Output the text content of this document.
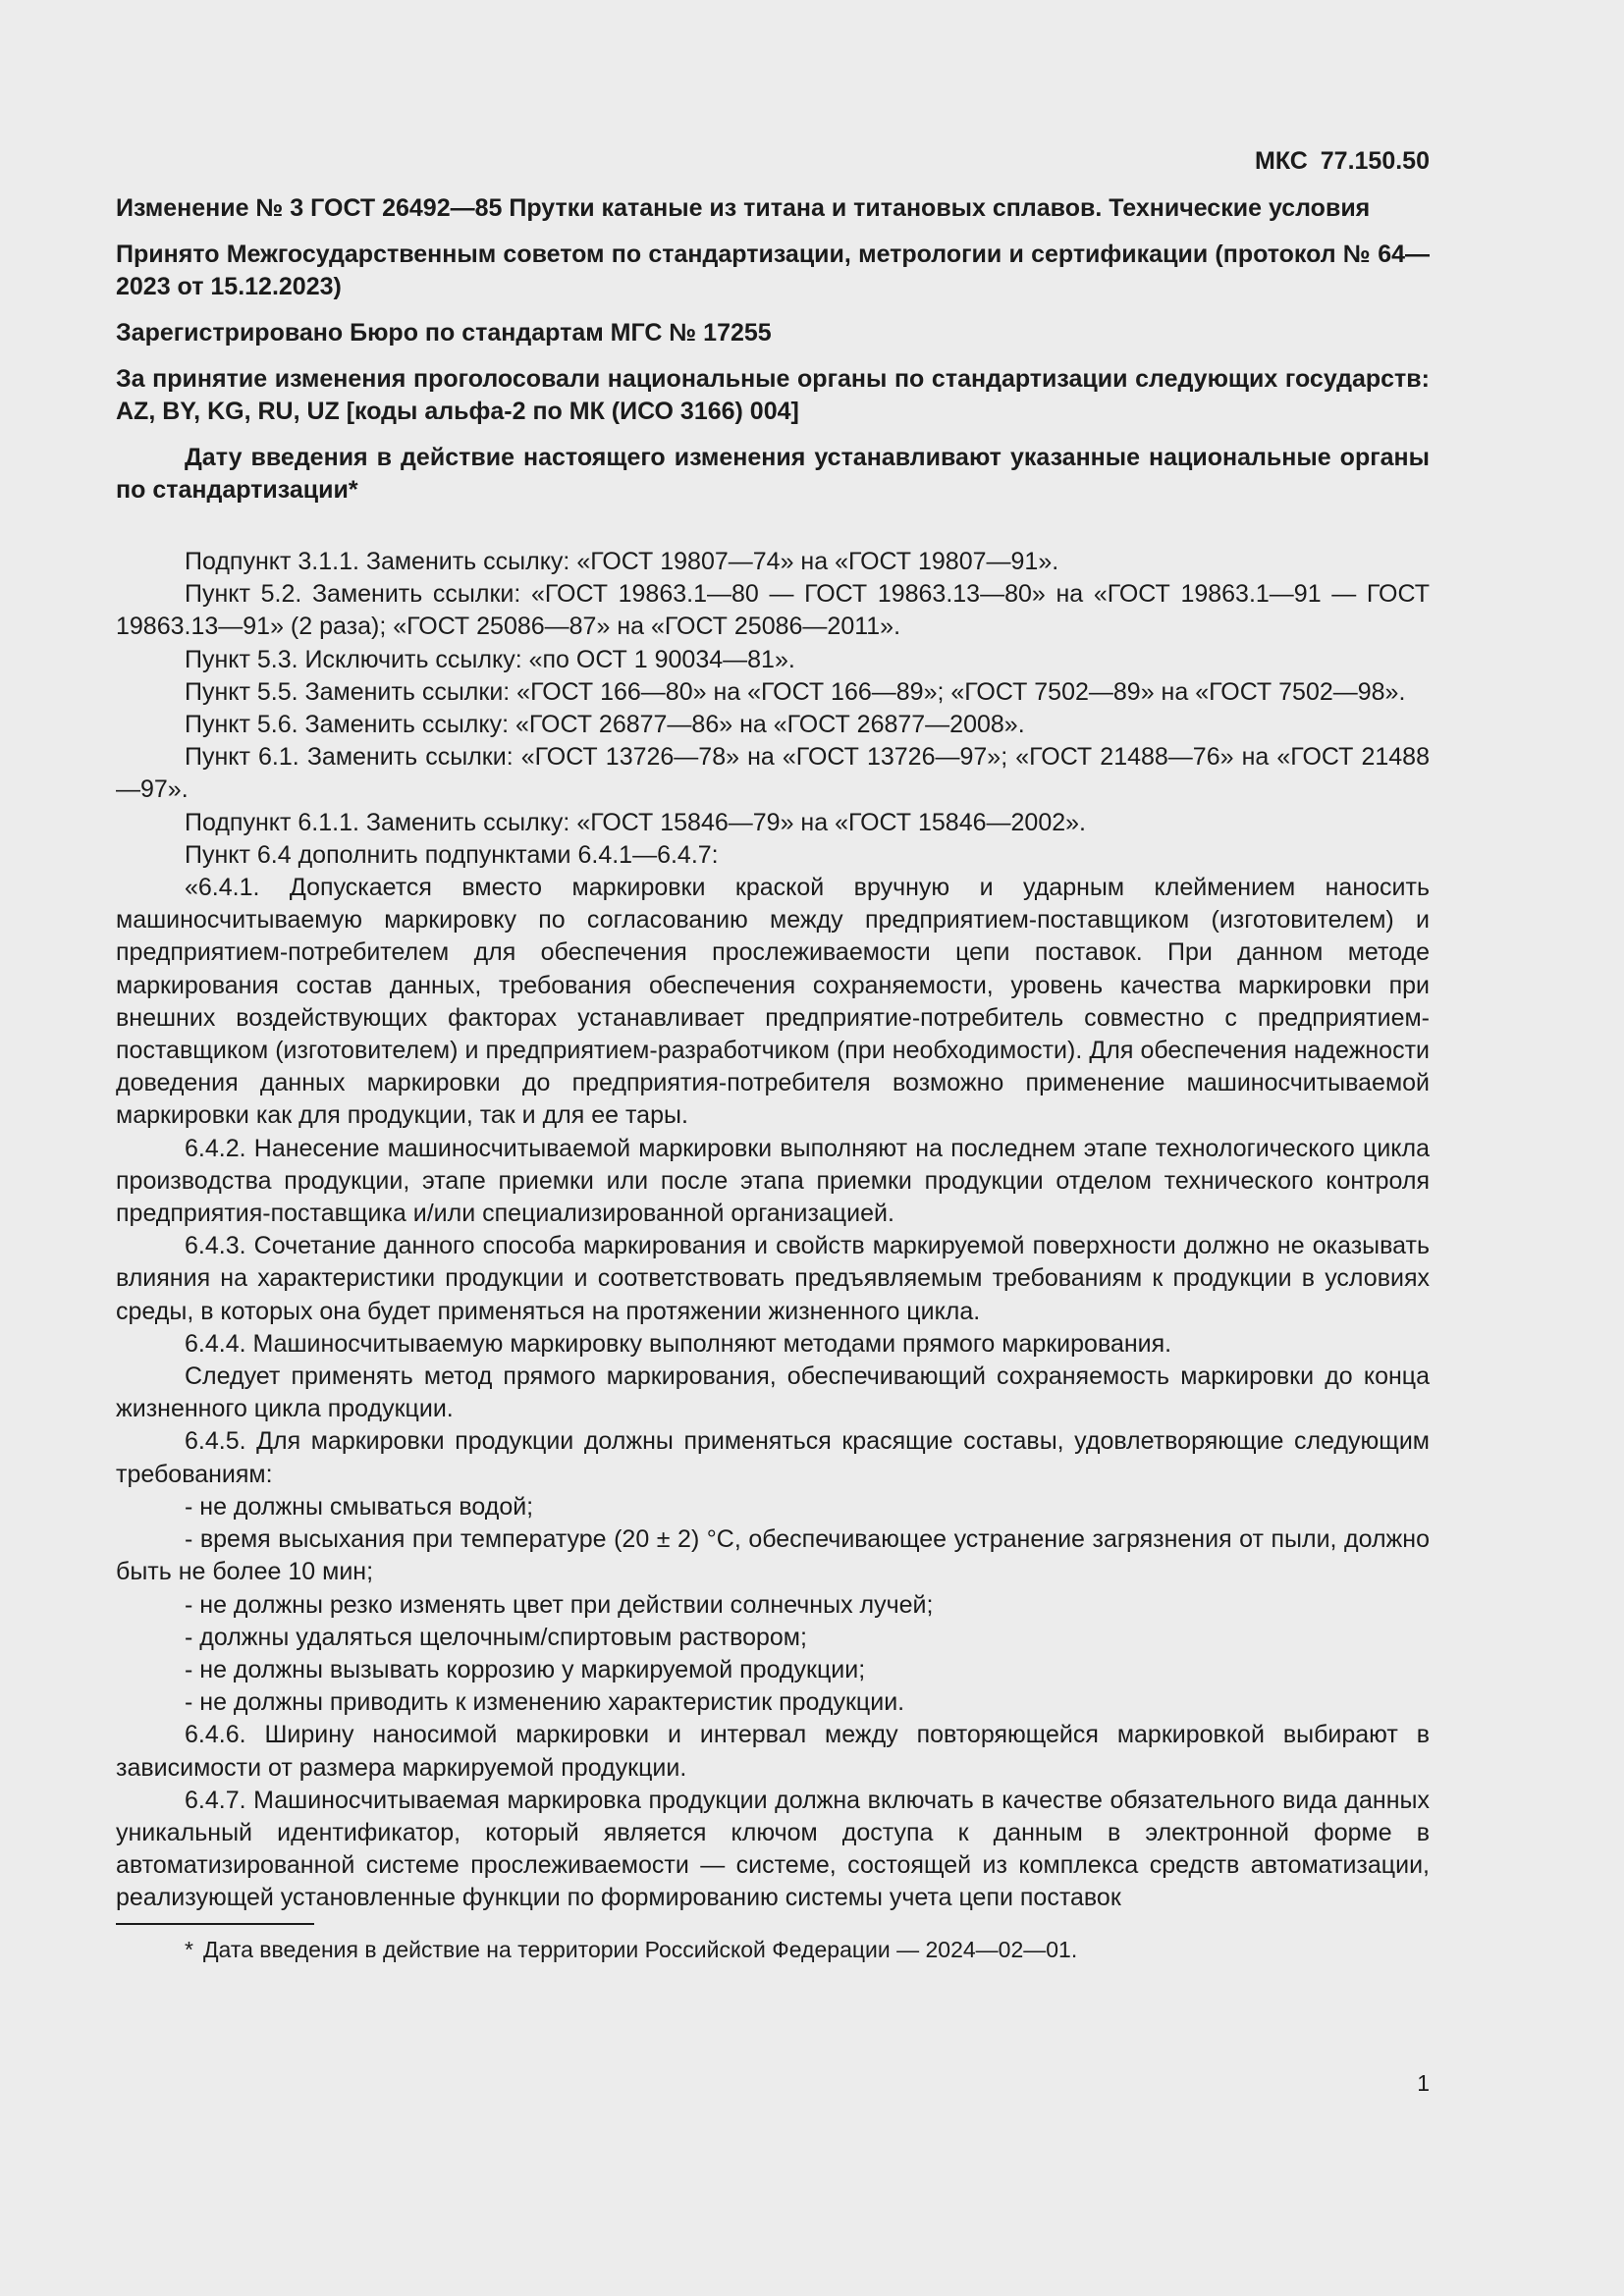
МКС 77.150.50
Изменение № 3 ГОСТ 26492—85 Прутки катаные из титана и титановых сплавов. Технические условия
Принято Межгосударственным советом по стандартизации, метрологии и сертификации (протокол № 64—2023 от 15.12.2023)
Зарегистрировано Бюро по стандартам МГС № 17255
За принятие изменения проголосовали национальные органы по стандартизации следующих государств: AZ, BY, KG, RU, UZ [коды альфа-2 по МК (ИСО 3166) 004]
Дату введения в действие настоящего изменения устанавливают указанные национальные органы по стандартизации*

Подпункт 3.1.1. Заменить ссылку: «ГОСТ 19807—74» на «ГОСТ 19807—91».

Пункт 5.2. Заменить ссылки: «ГОСТ 19863.1—80 — ГОСТ 19863.13—80» на «ГОСТ 19863.1—91 — ГОСТ 19863.13—91» (2 раза); «ГОСТ 25086—87» на «ГОСТ 25086—2011».

Пункт 5.3. Исключить ссылку: «по ОСТ 1 90034—81».

Пункт 5.5. Заменить ссылки: «ГОСТ 166—80» на «ГОСТ 166—89»; «ГОСТ 7502—89» на «ГОСТ 7502—98».

Пункт 5.6. Заменить ссылку: «ГОСТ 26877—86» на «ГОСТ 26877—2008».

Пункт 6.1. Заменить ссылки: «ГОСТ 13726—78» на «ГОСТ 13726—97»; «ГОСТ 21488—76» на «ГОСТ 21488—97».

Подпункт 6.1.1. Заменить ссылку: «ГОСТ 15846—79» на «ГОСТ 15846—2002».

Пункт 6.4 дополнить подпунктами 6.4.1—6.4.7:

«6.4.1. Допускается вместо маркировки краской вручную и ударным клеймением наносить машиносчитываемую маркировку по согласованию между предприятием-поставщиком (изготовителем) и предприятием-потребителем для обеспечения прослеживаемости цепи поставок. При данном методе маркирования состав данных, требования обеспечения сохраняемости, уровень качества маркировки при внешних воздействующих факторах устанавливает предприятие-потребитель совместно с предприятием-поставщиком (изготовителем) и предприятием-разработчиком (при необходимости). Для обеспечения надежности доведения данных маркировки до предприятия-потребителя возможно применение машиносчитываемой маркировки как для продукции, так и для ее тары.

6.4.2. Нанесение машиносчитываемой маркировки выполняют на последнем этапе технологического цикла производства продукции, этапе приемки или после этапа приемки продукции отделом технического контроля предприятия-поставщика и/или специализированной организацией.

6.4.3. Сочетание данного способа маркирования и свойств маркируемой поверхности должно не оказывать влияния на характеристики продукции и соответствовать предъявляемым требованиям к продукции в условиях среды, в которых она будет применяться на протяжении жизненного цикла.

6.4.4. Машиносчитываемую маркировку выполняют методами прямого маркирования.

Следует применять метод прямого маркирования, обеспечивающий сохраняемость маркировки до конца жизненного цикла продукции.

6.4.5. Для маркировки продукции должны применяться красящие составы, удовлетворяющие следующим требованиям:

- не должны смываться водой;

- время высыхания при температуре (20 ± 2) °С, обеспечивающее устранение загрязнения от пыли, должно быть не более 10 мин;

- не должны резко изменять цвет при действии солнечных лучей;

- должны удаляться щелочным/спиртовым раствором;

- не должны вызывать коррозию у маркируемой продукции;

- не должны приводить к изменению характеристик продукции.

6.4.6. Ширину наносимой маркировки и интервал между повторяющейся маркировкой выбирают в зависимости от размера маркируемой продукции.

6.4.7. Машиносчитываемая маркировка продукции должна включать в качестве обязательного вида данных уникальный идентификатор, который является ключом доступа к данным в электронной форме в автоматизированной системе прослеживаемости — системе, состоящей из комплекса средств автоматизации, реализующей установленные функции по формированию системы учета цепи поставок

* Дата введения в действие на территории Российской Федерации — 2024—02—01.
1
